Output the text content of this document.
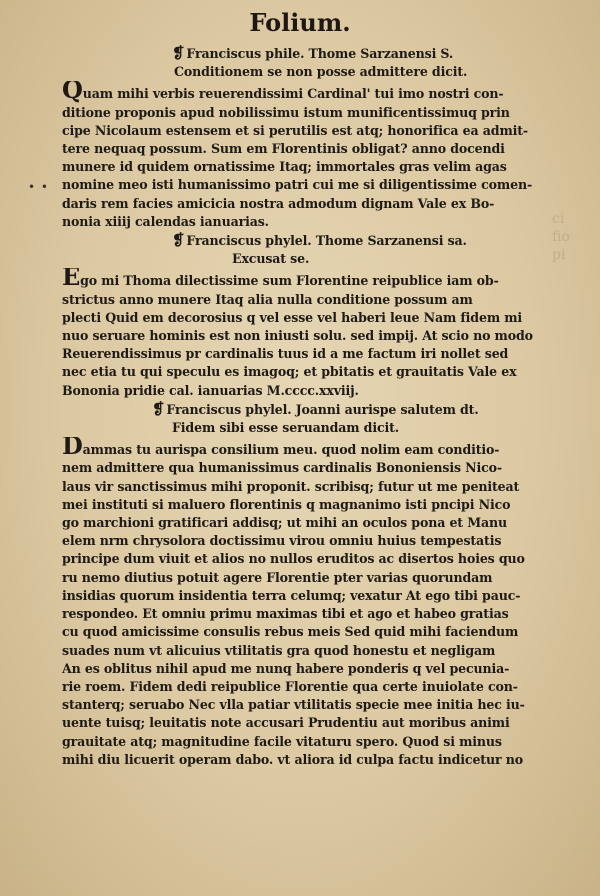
ci
fio
pi
• •
Folium.
❡ Franciscus phile. Thome Sarzanensi S.
Conditionem se non posse admittere dicit.
Quam mihi verbis reuerendissimi Cardinal' tui imo nostri con-
ditione proponis apud nobilissimu istum munificentissimuq prin
cipe Nicolaum estensem et si perutilis est atq; honorifica ea admit-
tere nequaq possum. Sum em Florentinis obligat? anno docendi
munere id quidem ornatissime Itaq; immortales gras velim agas
nomine meo isti humanissimo patri cui me si diligentissime comen-
daris rem facies amicicia nostra admodum dignam Vale ex Bo-
nonia xiiij calendas ianuarias.
❡ Franciscus phylel. Thome Sarzanensi sa.
Excusat se.
Ego mi Thoma dilectissime sum Florentine reipublice iam ob-
strictus anno munere Itaq alia nulla conditione possum am
plecti Quid em decorosius q vel esse vel haberi leue Nam fidem mi
nuo seruare hominis est non iniusti solu. sed impij. At scio no modo
Reuerendissimus pr cardinalis tuus id a me factum iri nollet sed
nec etia tu qui speculu es imagoq; et pbitatis et grauitatis Vale ex
Bononia pridie cal. ianuarias M.cccc.xxviij.
❡ Franciscus phylel. Joanni aurispe salutem dt.
Fidem sibi esse seruandam dicit.
Dammas tu aurispa consilium meu. quod nolim eam conditio-
nem admittere qua humanissimus cardinalis Bononiensis Nico-
laus vir sanctissimus mihi proponit. scribisq; futur ut me peniteat
mei instituti si maluero florentinis q magnanimo isti pncipi Nico
go marchioni gratificari addisq; ut mihi an oculos pona et Manu
elem nrm chrysolora doctissimu virou omniu huius tempestatis
principe dum viuit et alios no nullos eruditos ac disertos hoies quo
ru nemo diutius potuit agere Florentie pter varias quorundam
insidias quorum insidentia terra celumq; vexatur At ego tibi pauc-
respondeo. Et omniu primu maximas tibi et ago et habeo gratias
cu quod amicissime consulis rebus meis Sed quid mihi faciendum
suades num vt alicuius vtilitatis gra quod honestu et negligam
An es oblitus nihil apud me nunq habere ponderis q vel pecunia-
rie roem. Fidem dedi reipublice Florentie qua certe inuiolate con-
stanterq; seruabo Nec vlla patiar vtilitatis specie mee initia hec iu-
uente tuisq; leuitatis note accusari Prudentiu aut moribus animi
grauitate atq; magnitudine facile vitaturu spero. Quod si minus
mihi diu licuerit operam dabo. vt aliora id culpa factu indicetur no
